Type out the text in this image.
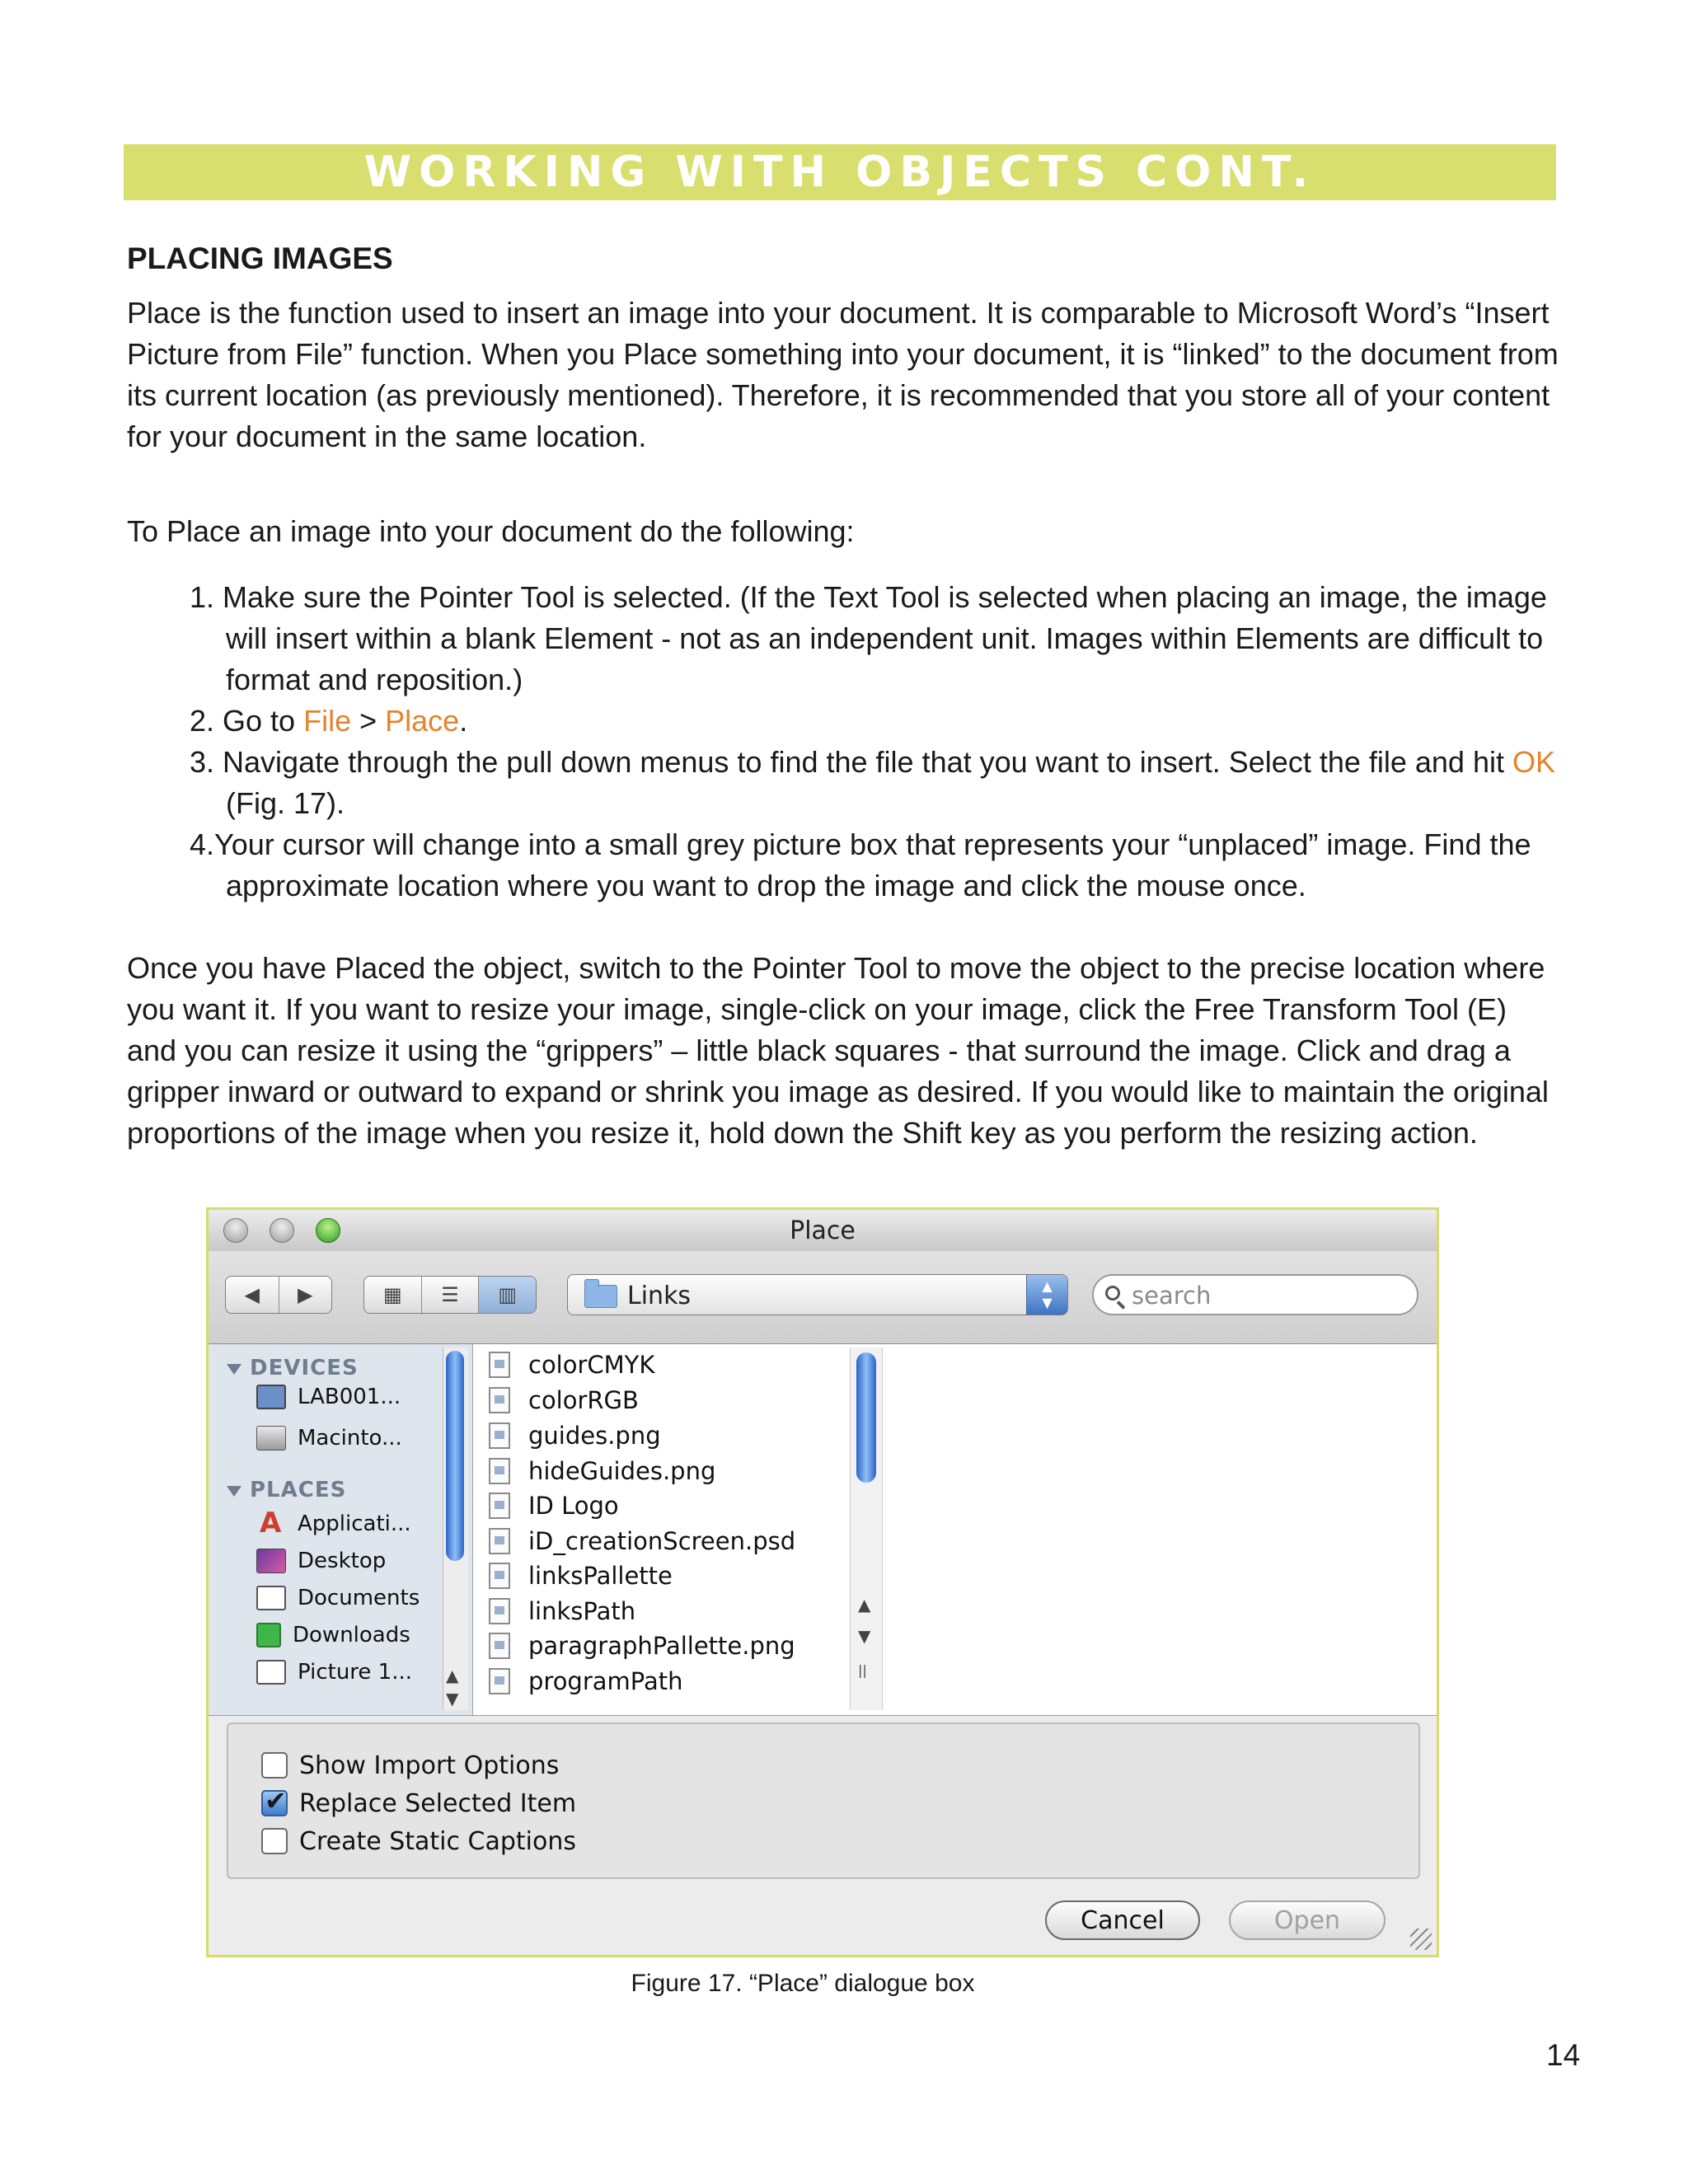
WORKING WITH OBJECTS CONT.
PLACING IMAGES

Place is the function used to insert an image into your document. It is comparable to Microsoft Word’s “Insert Picture from File” function. When you Place something into your document, it is “linked” to the document from its current location (as previously mentioned). Therefore, it is recommended that you store all of your content for your document in the same location.

To Place an image into your document do the following:

1. Make sure the Pointer Tool is selected. (If the Text Tool is selected when placing an image, the image will insert within a blank Element - not as an independent unit. Images within Elements are difficult to format and reposition.)
2. Go to File > Place.
3. Navigate through the pull down menus to find the file that you want to insert. Select the file and hit OK (Fig. 17).
4.Your cursor will change into a small grey picture box that represents your “unplaced” image. Find the approximate location where you want to drop the image and click the mouse once.

Once you have Placed the object, switch to the Pointer Tool to move the object to the precise location where you want it. If you want to resize your image, single-click on your image, click the Free Transform Tool (E) and you can resize it using the “grippers” – little black squares - that surround the image. Click and drag a gripper inward or outward to expand or shrink you image as desired. If you would like to maintain the original proportions of the image when you resize it, hold down the Shift key as you perform the resizing action.

Place
◀ ▶	▦ ☰ ▥	Links	▲
▼
search
DEVICES
LAB001...
Macinto...
PLACES
A
Applicati...
Desktop
Documents
Downloads
Picture 1... ▲
▼
colorCMYK
colorRGB
guides.png
hideGuides.png
ID Logo
iD_creationScreen.psd
linksPallette
linksPath
paragraphPallette.png
programPath
▲
▼
||
Show Import Options
✔
Replace Selected Item
Create Static Captions
Cancel	Open
Figure 17. “Place” dialogue box
14
